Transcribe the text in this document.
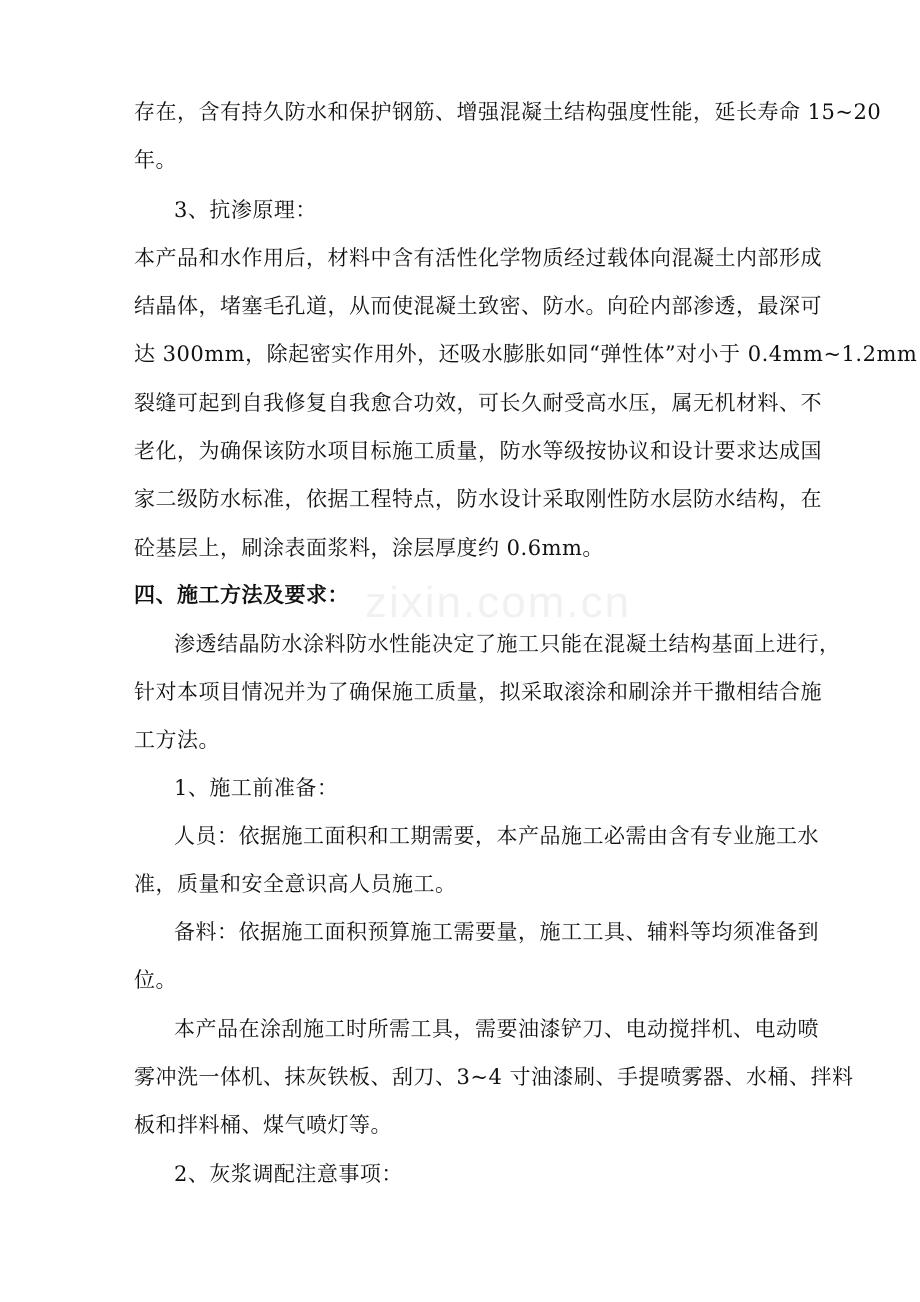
zixin.com.cn
存在，含有持久防水和保护钢筋、增强混凝土结构强度性能，延长寿命 15~20
年。
3、抗渗原理：
本产品和水作用后，材料中含有活性化学物质经过载体向混凝土内部形成
结晶体，堵塞毛孔道，从而使混凝土致密、防水。向砼内部渗透，最深可
达 300mm，除起密实作用外，还吸水膨胀如同“弹性体”对小于 0.4mm~1.2mm
裂缝可起到自我修复自我愈合功效，可长久耐受高水压，属无机材料、不
老化，为确保该防水项目标施工质量，防水等级按协议和设计要求达成国
家二级防水标准，依据工程特点，防水设计采取刚性防水层防水结构，在
砼基层上，刷涂表面浆料，涂层厚度约 0.6mm。
四、施工方法及要求：
渗透结晶防水涂料防水性能决定了施工只能在混凝土结构基面上进行，
针对本项目情况并为了确保施工质量，拟采取滚涂和刷涂并干撒相结合施
工方法。
1、施工前准备：
人员：依据施工面积和工期需要，本产品施工必需由含有专业施工水
准，质量和安全意识高人员施工。
备料：依据施工面积预算施工需要量，施工工具、辅料等均须准备到
位。
本产品在涂刮施工时所需工具，需要油漆铲刀、电动搅拌机、电动喷
雾冲洗一体机、抹灰铁板、刮刀、3~4 寸油漆刷、手提喷雾器、水桶、拌料
板和拌料桶、煤气喷灯等。
2、灰浆调配注意事项：
